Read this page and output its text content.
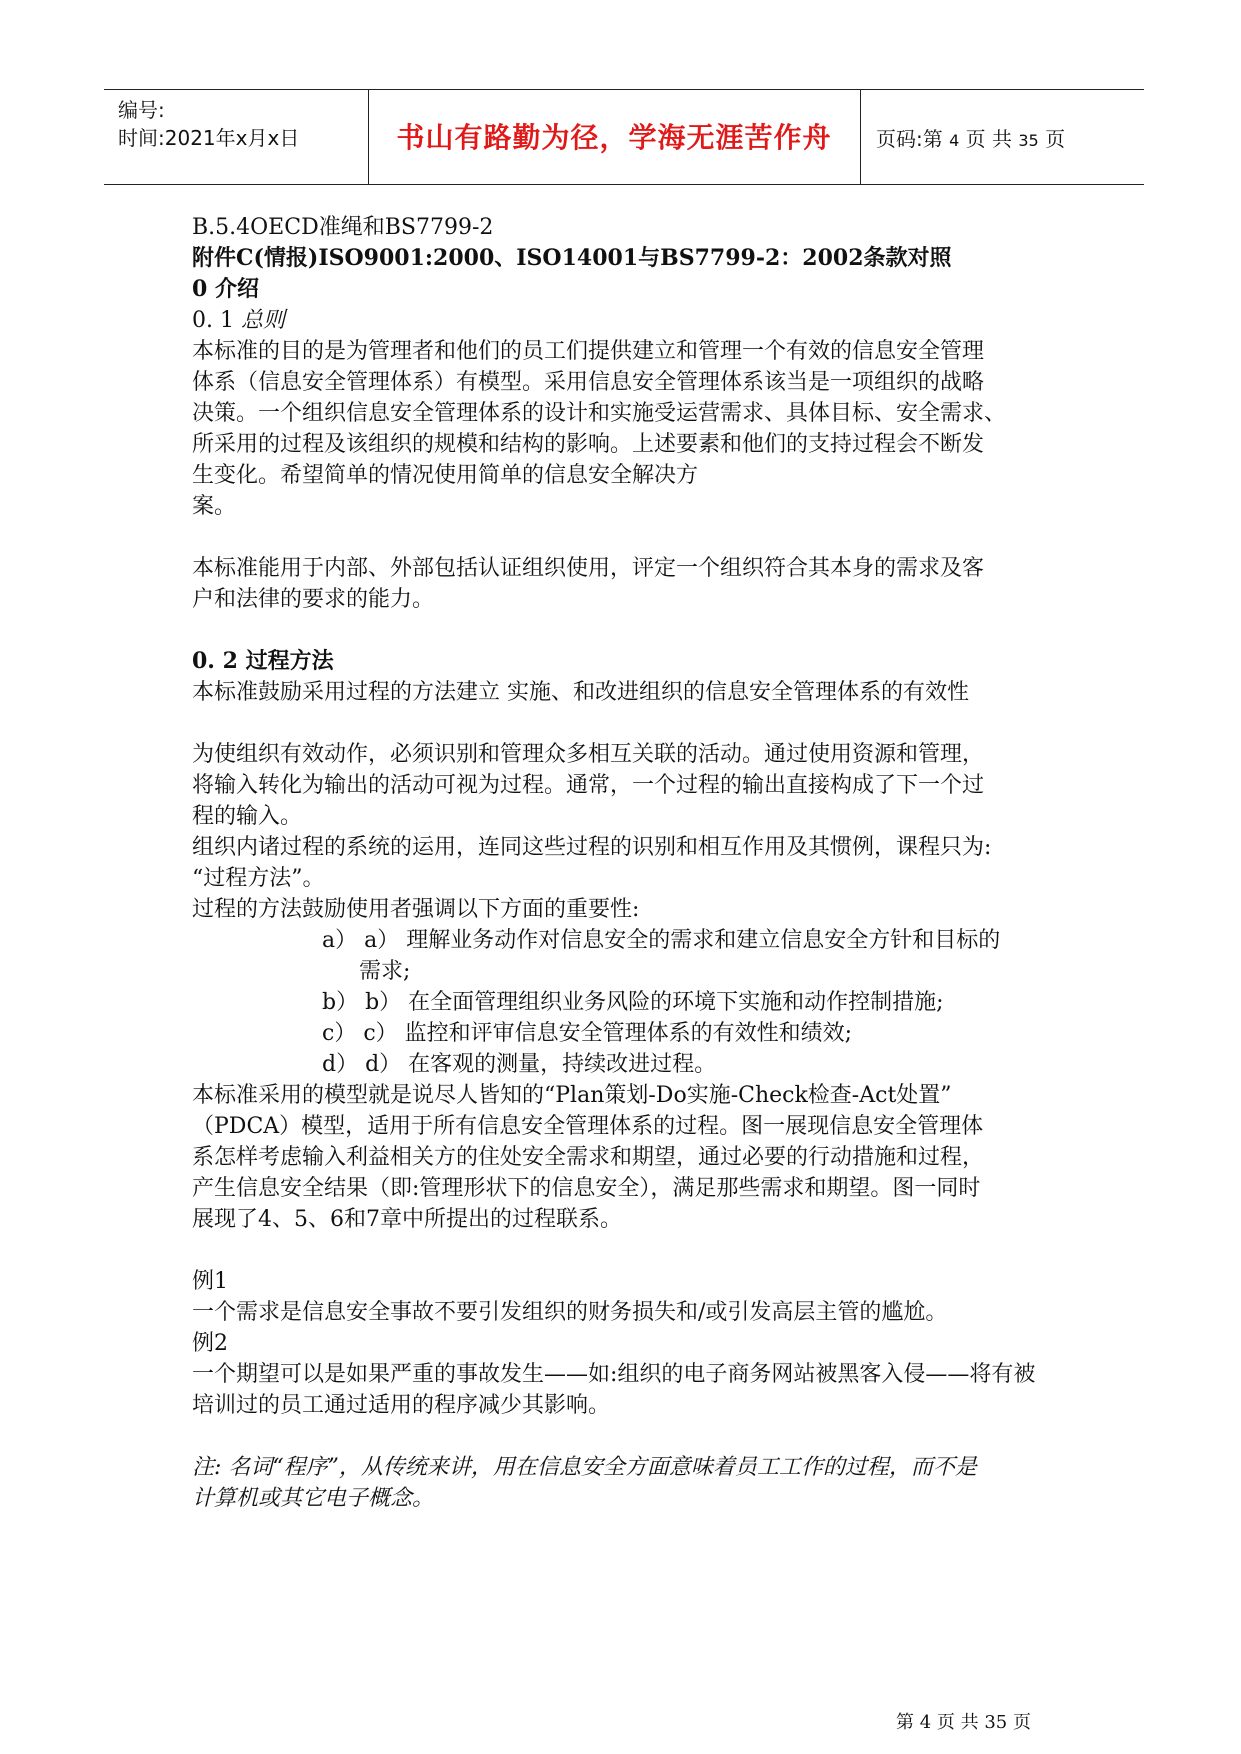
编号:
时间:2021年x月x日	书山有路勤为径，学海无涯苦作舟	页码:第 4 页 共 35 页
B.5.4OECD准绳和BS7799-2
附件C(情报)ISO9001:2000、ISO14001与BS7799-2：2002条款对照
0 介绍
0. 1 总则
本标准的目的是为管理者和他们的员工们提供建立和管理一个有效的信息安全管理
体系（信息安全管理体系）有模型。采用信息安全管理体系该当是一项组织的战略
决策。一个组织信息安全管理体系的设计和实施受运营需求、具体目标、安全需求、
所采用的过程及该组织的规模和结构的影响。上述要素和他们的支持过程会不断发
生变化。希望简单的情况使用简单的信息安全解决方
案。
本标准能用于内部、外部包括认证组织使用，评定一个组织符合其本身的需求及客
户和法律的要求的能力。
0. 2 过程方法
本标准鼓励采用过程的方法建立 实施、和改进组织的信息安全管理体系的有效性
为使组织有效动作，必须识别和管理众多相互关联的活动。通过使用资源和管理，
将输入转化为输出的活动可视为过程。通常，一个过程的输出直接构成了下一个过
程的输入。
组织内诸过程的系统的运用，连同这些过程的识别和相互作用及其惯例，课程只为:
“过程方法”。
过程的方法鼓励使用者强调以下方面的重要性:
a） a） 理解业务动作对信息安全的需求和建立信息安全方针和目标的
需求;
b） b） 在全面管理组织业务风险的环境下实施和动作控制措施;
c） c） 监控和评审信息安全管理体系的有效性和绩效;
d） d） 在客观的测量，持续改进过程。
本标准采用的模型就是说尽人皆知的“Plan策划-Do实施-Check检查-Act处置”
（PDCA）模型，适用于所有信息安全管理体系的过程。图一展现信息安全管理体
系怎样考虑输入利益相关方的住处安全需求和期望，通过必要的行动措施和过程，
产生信息安全结果（即:管理形状下的信息安全），满足那些需求和期望。图一同时
展现了4、5、6和7章中所提出的过程联系。
例1
一个需求是信息安全事故不要引发组织的财务损失和/或引发高层主管的尴尬。
例2
一个期望可以是如果严重的事故发生——如:组织的电子商务网站被黑客入侵——将有被
培训过的员工通过适用的程序减少其影响。
注: 名词“程序”，从传统来讲，用在信息安全方面意味着员工工作的过程，而不是
计算机或其它电子概念。
第 4 页 共 35 页
